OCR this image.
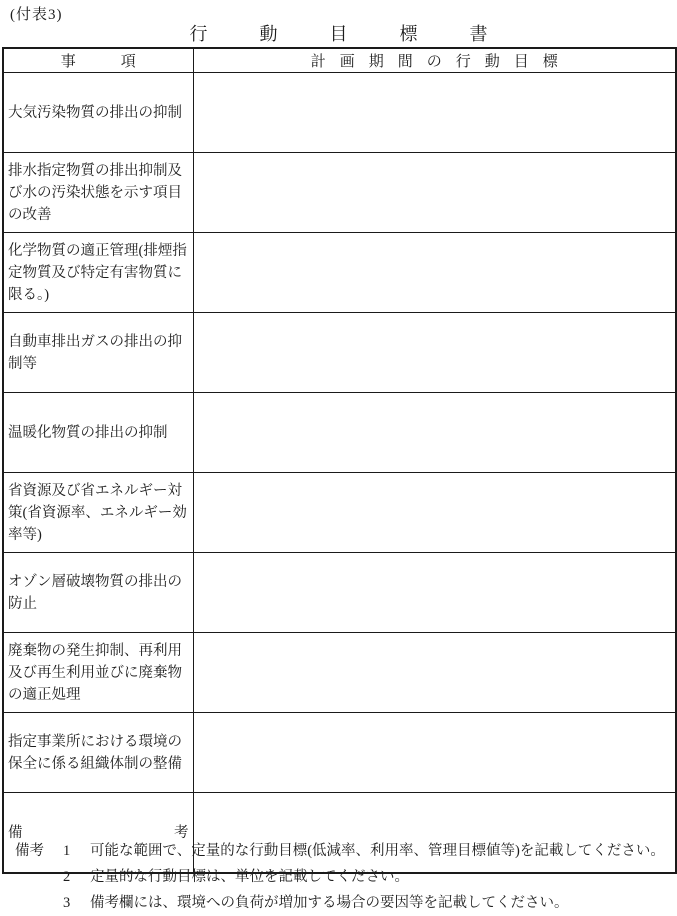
(付表3)
行動目標書
事　　　項	計画期間の行動目標
大気汚染物質の排出の抑制	
排水指定物質の排出抑制及び水の汚染状態を示す項目の改善	
化学物質の適正管理(排煙指定物質及び特定有害物質に限る。)	
自動車排出ガスの排出の抑制等	
温暖化物質の排出の抑制	
省資源及び省エネルギー対策(省資源率、エネルギー効率等)	
オゾン層破壊物質の排出の防止	
廃棄物の発生抑制、再利用及び再生利用並びに廃棄物の適正処理	
指定事業所における環境の保全に係る組織体制の整備	

備 考	

備考	1	可能な範囲で、定量的な行動目標(低減率、利用率、管理目標値等)を記載してください。
2	定量的な行動目標は、単位を記載してください。
3	備考欄には、環境への負荷が増加する場合の要因等を記載してください。
